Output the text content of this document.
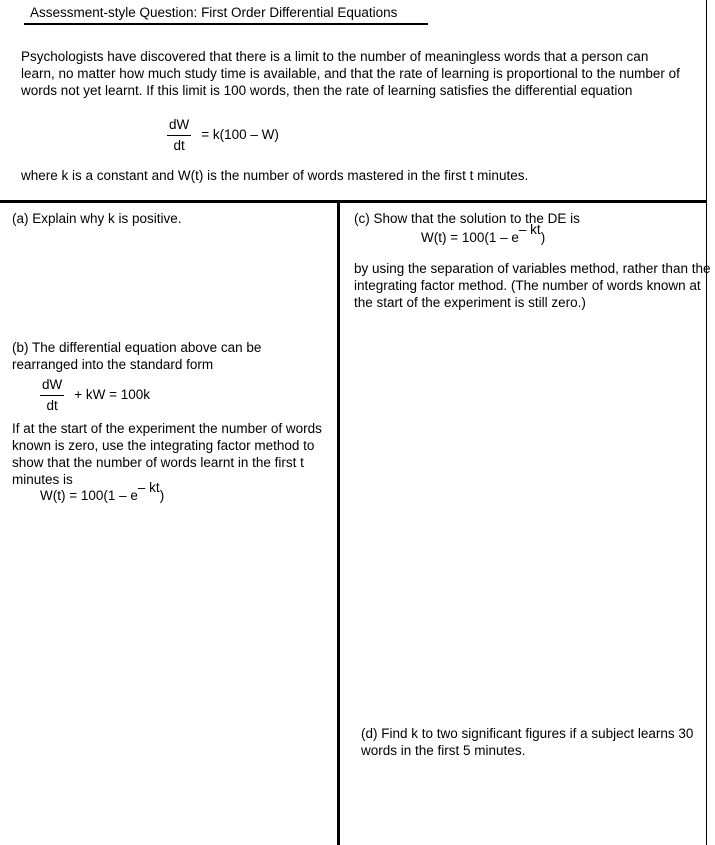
Assessment-style Question: First Order Differential Equations

Psychologists have discovered that there is a limit to the number of meaningless words that a person can learn, no matter how much study time is available, and that the rate of learning is proportional to the number of words not yet learnt. If this limit is 100 words, then the rate of learning satisfies the differential equation

$\frac{dW}{dt} = k(100 - W)$
where k is a constant and W(t) is the number of words mastered in the first t minutes.
(a) Explain why k is positive.
(b) The differential equation above can be rearranged into the standard form
$\frac{dW}{dt}$ + kW = 100k
If at the start of the experiment the number of words known is zero, use the integrating factor method to show that the number of words learnt in the first t minutes is
W(t) = 100(1 – e– kt)
(c) Show that the solution to the DE is
W(t) = 100(1 – e– kt)
by using the separation of variables method, rather than the integrating factor method. (The number of words known at the start of the experiment is still zero.)
(d) Find k to two significant figures if a subject learns 30 words in the first 5 minutes.
